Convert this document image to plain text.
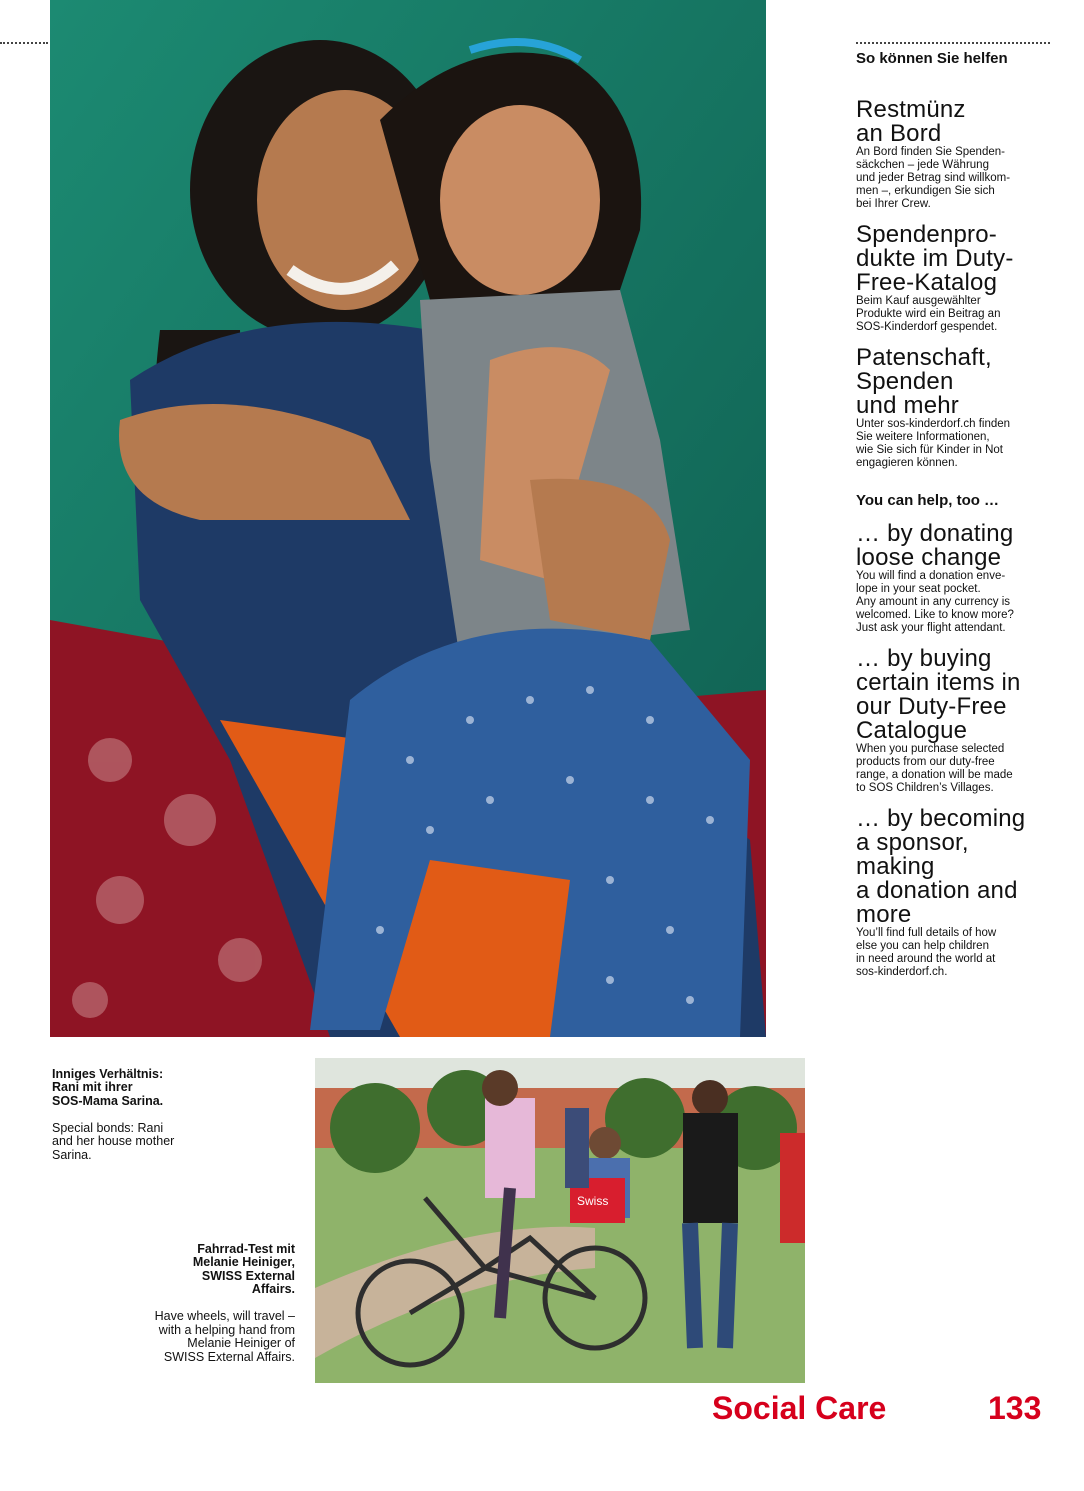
Swiss

Inniges Verhältnis:
Rani mit ihrer
SOS-Mama Sarina.

Special bonds: Rani
and her house mother
Sarina.

Fahrrad-Test mit
Melanie Heiniger,
SWISS External
Affairs.

Have wheels, will travel –
with a helping hand from
Melanie Heiniger of
SWISS External Affairs.

So können Sie helfen

Restmünz
an Bord

An Bord finden Sie Spenden-
säckchen – jede Währung
und jeder Betrag sind willkom-
men –, erkundigen Sie sich
bei Ihrer Crew.

Spendenpro-
dukte im Duty-
Free-Katalog

Beim Kauf ausgewählter
Produkte wird ein Beitrag an
SOS-Kinderdorf gespendet.

Patenschaft,
Spenden
und mehr

Unter sos-kinderdorf.ch finden
Sie weitere Informationen,
wie Sie sich für Kinder in Not
engagieren können.

You can help, too …

… by donating
loose change

You will find a donation enve-
lope in your seat pocket.
Any amount in any currency is
welcomed. Like to know more?
Just ask your flight attendant.

… by buying
certain items in
our Duty-Free
Catalogue

When you purchase selected
products from our duty-free
range, a donation will be made
to SOS Children’s Villages.

… by becoming
a sponsor, making
a donation and
more

You’ll find full details of how
else you can help children
in need around the world at
sos-kinderdorf.ch.

Social Care	133
